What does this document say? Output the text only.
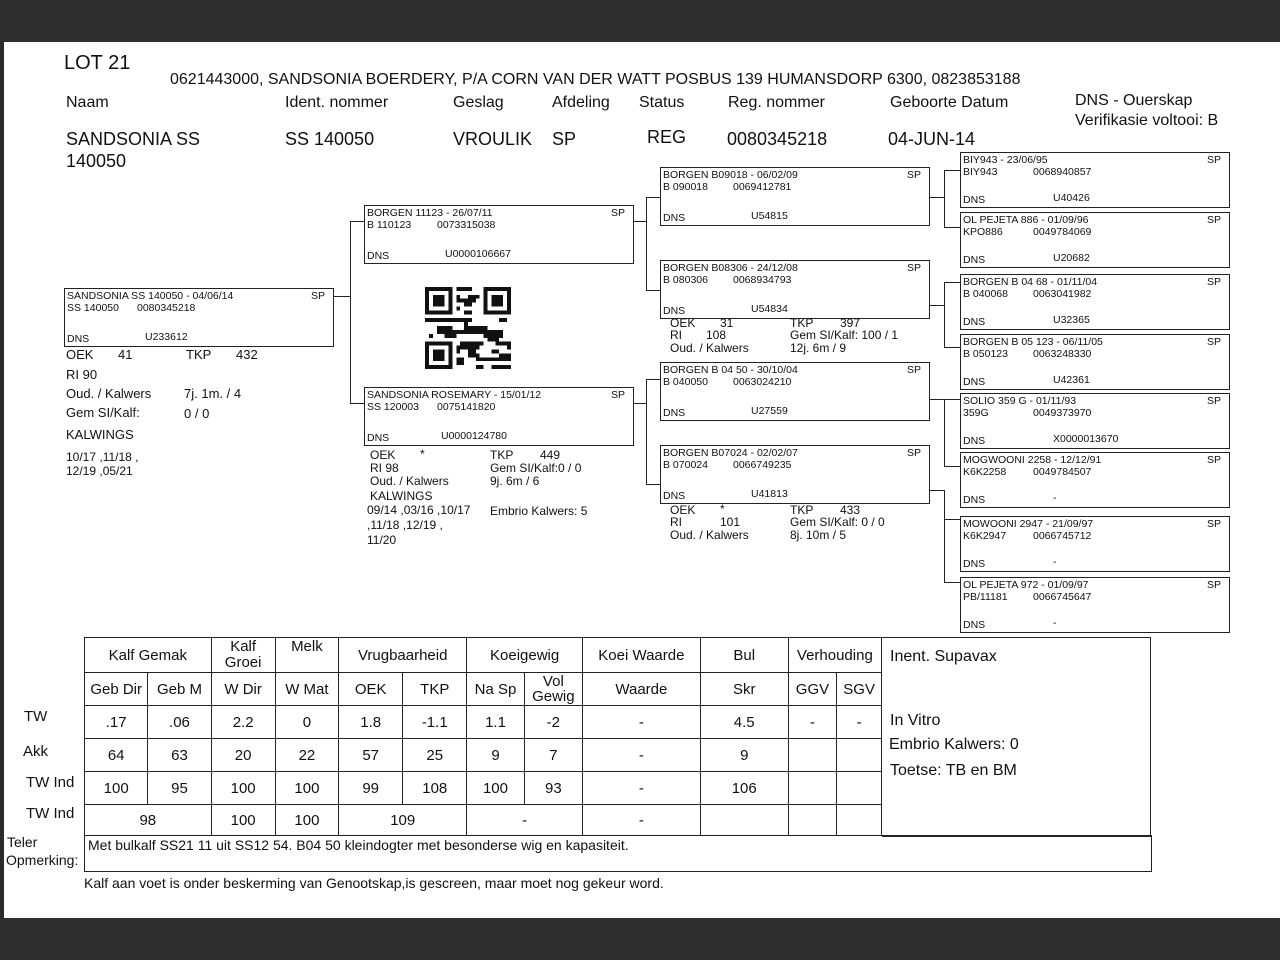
LOT 21
0621443000, SANDSONIA BOERDERY, P/A CORN VAN DER WATT POSBUS 139 HUMANSDORP 6300, 0823853188
Naam	Ident. nommer	Geslag	Afdeling Status	Reg. nommer	Geboorte Datum	DNS - Ouerskap
Verifikasie voltooi: B
SANDSONIA SS
140050
SS 140050	VROULIK SP	REG 0080345218	04-JUN-14
SANDSONIA SS 140050 - 04/06/14	SP
SS 140050 0080345218
DNS	U233612
OEK 41	TKP 432
RI 90
Oud. / Kalwers	7j. 1m. / 4
Gem SI/Kalf:	0 / 0
KALWINGS
10/17 ,11/18 ,
12/19 ,05/21
BORGEN 11123 - 26/07/11	SP
B 110123 0073315038
DNS	U0000106667
SANDSONIA ROSEMARY - 15/01/12	SP
SS 120003 0075141820
DNS	U0000124780
OEK *
RI 98
Oud. / Kalwers
KALWINGS
09/14 ,03/16 ,10/17
,11/18 ,12/19 ,
11/20
TKP 449
Gem SI/Kalf:0 / 0
9j. 6m / 6
Embrio Kalwers: 5
BORGEN B09018 - 06/02/09	SP
B 090018 0069412781
DNS	U54815
BORGEN B08306 - 24/12/08	SP
B 080306 0068934793
DNS	U54834
OEK 31
RI 108
Oud. / Kalwers
TKP 397
Gem SI/Kalf: 100 / 1
12j. 6m / 9
BORGEN B 04 50 - 30/10/04	SP
B 040050 0063024210
DNS	U27559
BORGEN B07024 - 02/02/07	SP
B 070024 0066749235
DNS	U41813
OEK *
RI	101
Oud. / Kalwers
TKP 433
Gem SI/Kalf: 0 / 0
8j. 10m / 5
BIY943 - 23/06/95	SP
BIY943	0068940857
DNS	U40426
OL PEJETA 886 - 01/09/96	SP
KPO886	0049784069
DNS	U20682
BORGEN B 04 68 - 01/11/04	SP
B 040068 0063041982
DNS	U32365
BORGEN B 05 123 - 06/11/05	SP
B 050123 0063248330
DNS	U42361
SOLIO 359 G - 01/11/93	SP
359G	0049373970
DNS	X0000013670
MOGWOONI 2258 - 12/12/91	SP
K6K2258	0049784507
DNS	-
MOWOONI 2947 - 21/09/97	SP
K6K2947	0066745712
DNS	-
OL PEJETA 972 - 01/09/97	SP
PB/11181 0066745647
DNS	-
Kalf Gemak		Kalf Groei	Melk	Vrugbaarheid		Koeigewig		Koei Waarde	Bul	Verhouding	
Geb Dir	Geb M	W Dir	W Mat	OEK	TKP	Na Sp	Vol Gewig	Waarde	Skr	GGV	SGV
.17	.06	2.2	0	1.8	-1.1	1.1	-2	-	4.5	-	-
64	63	20	22	57	25	9	7	-	9		
100	95	100	100	99	108	100	93	-	106		
98		100	100	109		-		-			
TW
Akk
TW Ind
TW Ind
Inent. Supavax
In Vitro
Embrio Kalwers: 0
Toetse: TB en BM
Teler
Opmerking:
Met bulkalf SS21 11 uit SS12 54. B04 50 kleindogter met besonderse wig en kapasiteit.
Kalf aan voet is onder beskerming van Genootskap,is gescreen, maar moet nog gekeur word.
